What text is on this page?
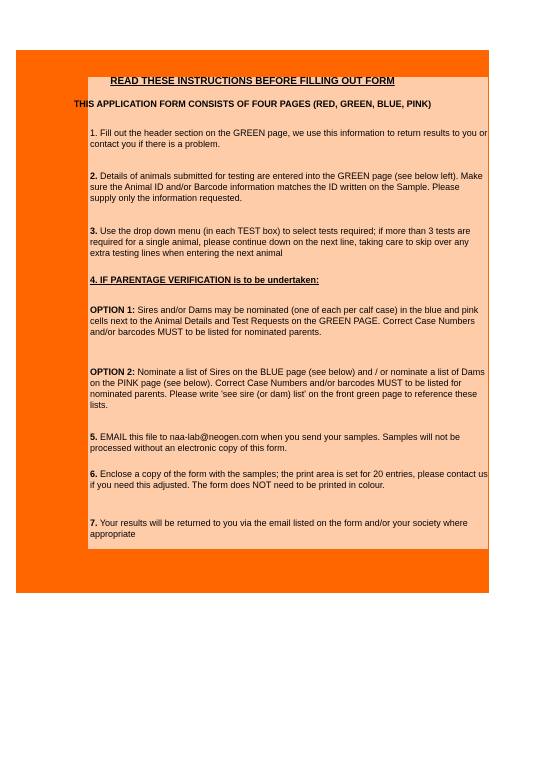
READ THESE INSTRUCTIONS BEFORE FILLING OUT FORM
THIS APPLICATION FORM CONSISTS OF FOUR PAGES (RED, GREEN, BLUE, PINK)
1. Fill out the header section on the GREEN page, we use this information to return results to you or contact you if there is a problem.
2. Details of animals submitted for testing are entered into the GREEN page (see below left). Make sure the Animal ID and/or Barcode information matches the ID written on the Sample. Please supply only the information requested.
3. Use the drop down menu (in each TEST box) to select tests required; if more than 3 tests are required for a single animal, please continue down on the next line, taking care to skip over any extra testing lines when entering the next animal
4. IF PARENTAGE VERIFICATION is to be undertaken:
OPTION 1: Sires and/or Dams may be nominated (one of each per calf case) in the blue and pink cells next to the Animal Details and Test Requests on the GREEN PAGE. Correct Case Numbers and/or barcodes MUST to be listed for nominated parents.
OPTION 2: Nominate a list of Sires on the BLUE page (see below) and / or nominate a list of Dams on the PINK page (see below). Correct Case Numbers and/or barcodes MUST to be listed for nominated parents. Please write 'see sire (or dam) list' on the front green page to reference these lists.
5. EMAIL this file to naa-lab@neogen.com when you send your samples. Samples will not be processed without an electronic copy of this form.
6. Enclose a copy of the form with the samples; the print area is set for 20 entries, please contact us if you need this adjusted. The form does NOT need to be printed in colour.
7. Your results will be returned to you via the email listed on the form and/or your society where appropriate
